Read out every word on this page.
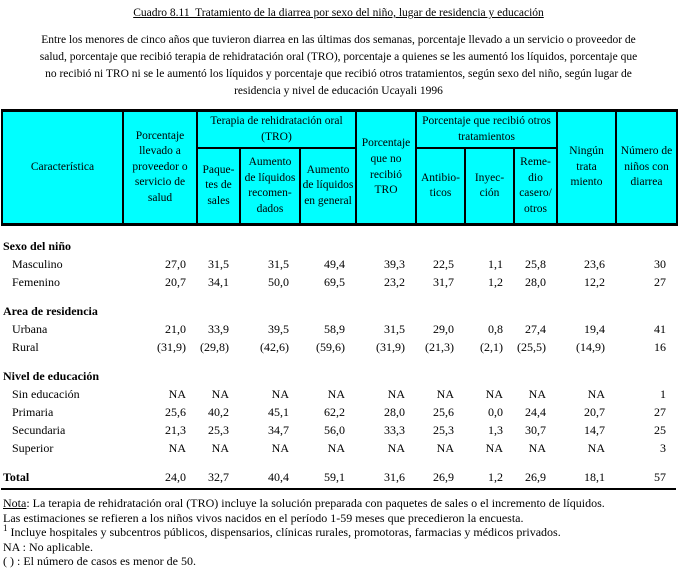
Cuadro 8.11  Tratamiento de la diarrea por sexo del niño, lugar de residencia y educación
Entre los menores de cinco años que tuvieron diarrea en las últimas dos semanas, porcentaje llevado a un servicio o proveedor de salud, porcentaje que recibió terapia de rehidratación oral (TRO), porcentaje a quienes se les aumentó los líquidos, porcentaje que no recibió ni TRO ni se le aumentó los líquidos y porcentaje que recibió otros tratamientos, según sexo del niño, según lugar de residencia y nivel de educación Ucayali 1996
Característica	Porcentaje llevado a proveedor o servicio de salud	Terapia de rehidratación oral (TRO)			Porcentaje que no recibió TRO	Porcentaje que recibió otros tratamientos			Ningún trata miento	Número de niños con diarrea
		Paque-tes de sales	Aumento de líquidos recomen-dados	Aumento de líquidos en general		Antibio-ticos	Inyec-ción	Reme-dio casero/ otros		

Sexo del niño										
Masculino	27,0	31,5	31,5	49,4	39,3	22,5	1,1	25,8	23,6	30
Femenino	20,7	34,1	50,0	69,5	23,2	31,7	1,2	28,0	12,2	27

Area de residencia										
Urbana	21,0	33,9	39,5	58,9	31,5	29,0	0,8	27,4	19,4	41
Rural	(31,9)	(29,8)	(42,6)	(59,6)	(31,9)	(21,3)	(2,1)	(25,5)	(14,9)	16

Nivel de educación										
Sin educación	NA	NA	NA	NA	NA	NA	NA	NA	NA	1
Primaria	25,6	40,2	45,1	62,2	28,0	25,6	0,0	24,4	20,7	27
Secundaria	21,3	25,3	34,7	56,0	33,3	25,3	1,3	30,7	14,7	25
Superior	NA	NA	NA	NA	NA	NA	NA	NA	NA	3

Total	24,0	32,7	40,4	59,1	31,6	26,9	1,2	26,9	18,1	57
Nota: La terapia de rehidratación oral (TRO) incluye la solución preparada con paquetes de sales o el incremento de líquidos.
Las estimaciones se refieren a los niños vivos nacidos en el período 1-59 meses que precedieron la encuesta.
$^1$ Incluye hospitales y subcentros públicos, dispensarios, clínicas rurales, promotoras, farmacias y médicos privados.
NA : No aplicable.
( ) : El número de casos es menor de 50.
